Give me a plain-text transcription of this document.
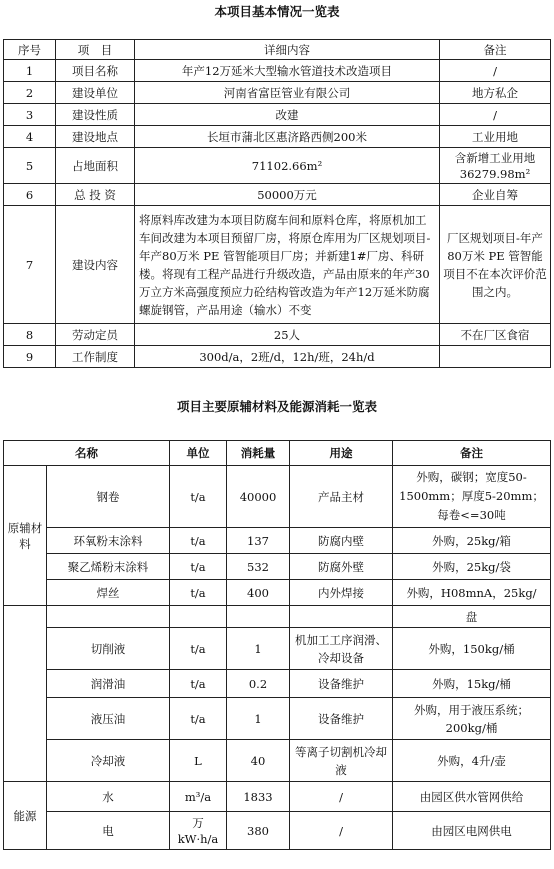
本项目基本情况一览表
序号	项　目	详细内容	备注
1	项目名称	年产12万延米大型输水管道技术改造项目	/
2	建设单位	河南省富臣管业有限公司	地方私企
3	建设性质	改建	/
4	建设地点	长垣市蒲北区惠济路西侧200米	工业用地
5	占地面积	71102.66m²	含新增工业用地36279.98m²
6	总 投 资	50000万元	企业自筹
7	建设内容	将原料库改建为本项目防腐车间和原料仓库，将原机加工车间改建为本项目预留厂房，将原仓库用为厂区规划项目-年产80万米 PE 管智能项目厂房；并新建1#厂房、科研楼。将现有工程产品进行升级改造，产品由原来的年产30 万立方米高强度预应力砼结构管改造为年产12万延米防腐螺旋钢管，产品用途（输水）不变	厂区规划项目-年产80万米 PE 管智能项目不在本次评价范围之内。
8	劳动定员	25人	不在厂区食宿
9	工作制度	300d/a，2班/d，12h/班，24h/d	
项目主要原辅材料及能源消耗一览表
名称		单位	消耗量	用途	备注
原辅材料	钢卷	t/a	40000	产品主材	外购，碳钢；宽度50-1500mm；厚度5-20mm；每卷<=30吨
	环氧粉末涂料	t/a	137	防腐内壁	外购，25kg/箱
	聚乙烯粉末涂料	t/a	532	防腐外壁	外购，25kg/袋
	焊丝	t/a	400	内外焊接	外购，H08mnA，25kg/
					盘
	切削液	t/a	1	机加工工序润滑、冷却设备	外购，150kg/桶
	润滑油	t/a	0.2	设备维护	外购，15kg/桶
	液压油	t/a	1	设备维护	外购，用于液压系统；200kg/桶
	冷却液	L	40	等离子切割机冷却液	外购，4升/壶
能源	水	m³/a	1833	/	由园区供水管网供给
	电	万kW·h/a	380	/	由园区电网供电
